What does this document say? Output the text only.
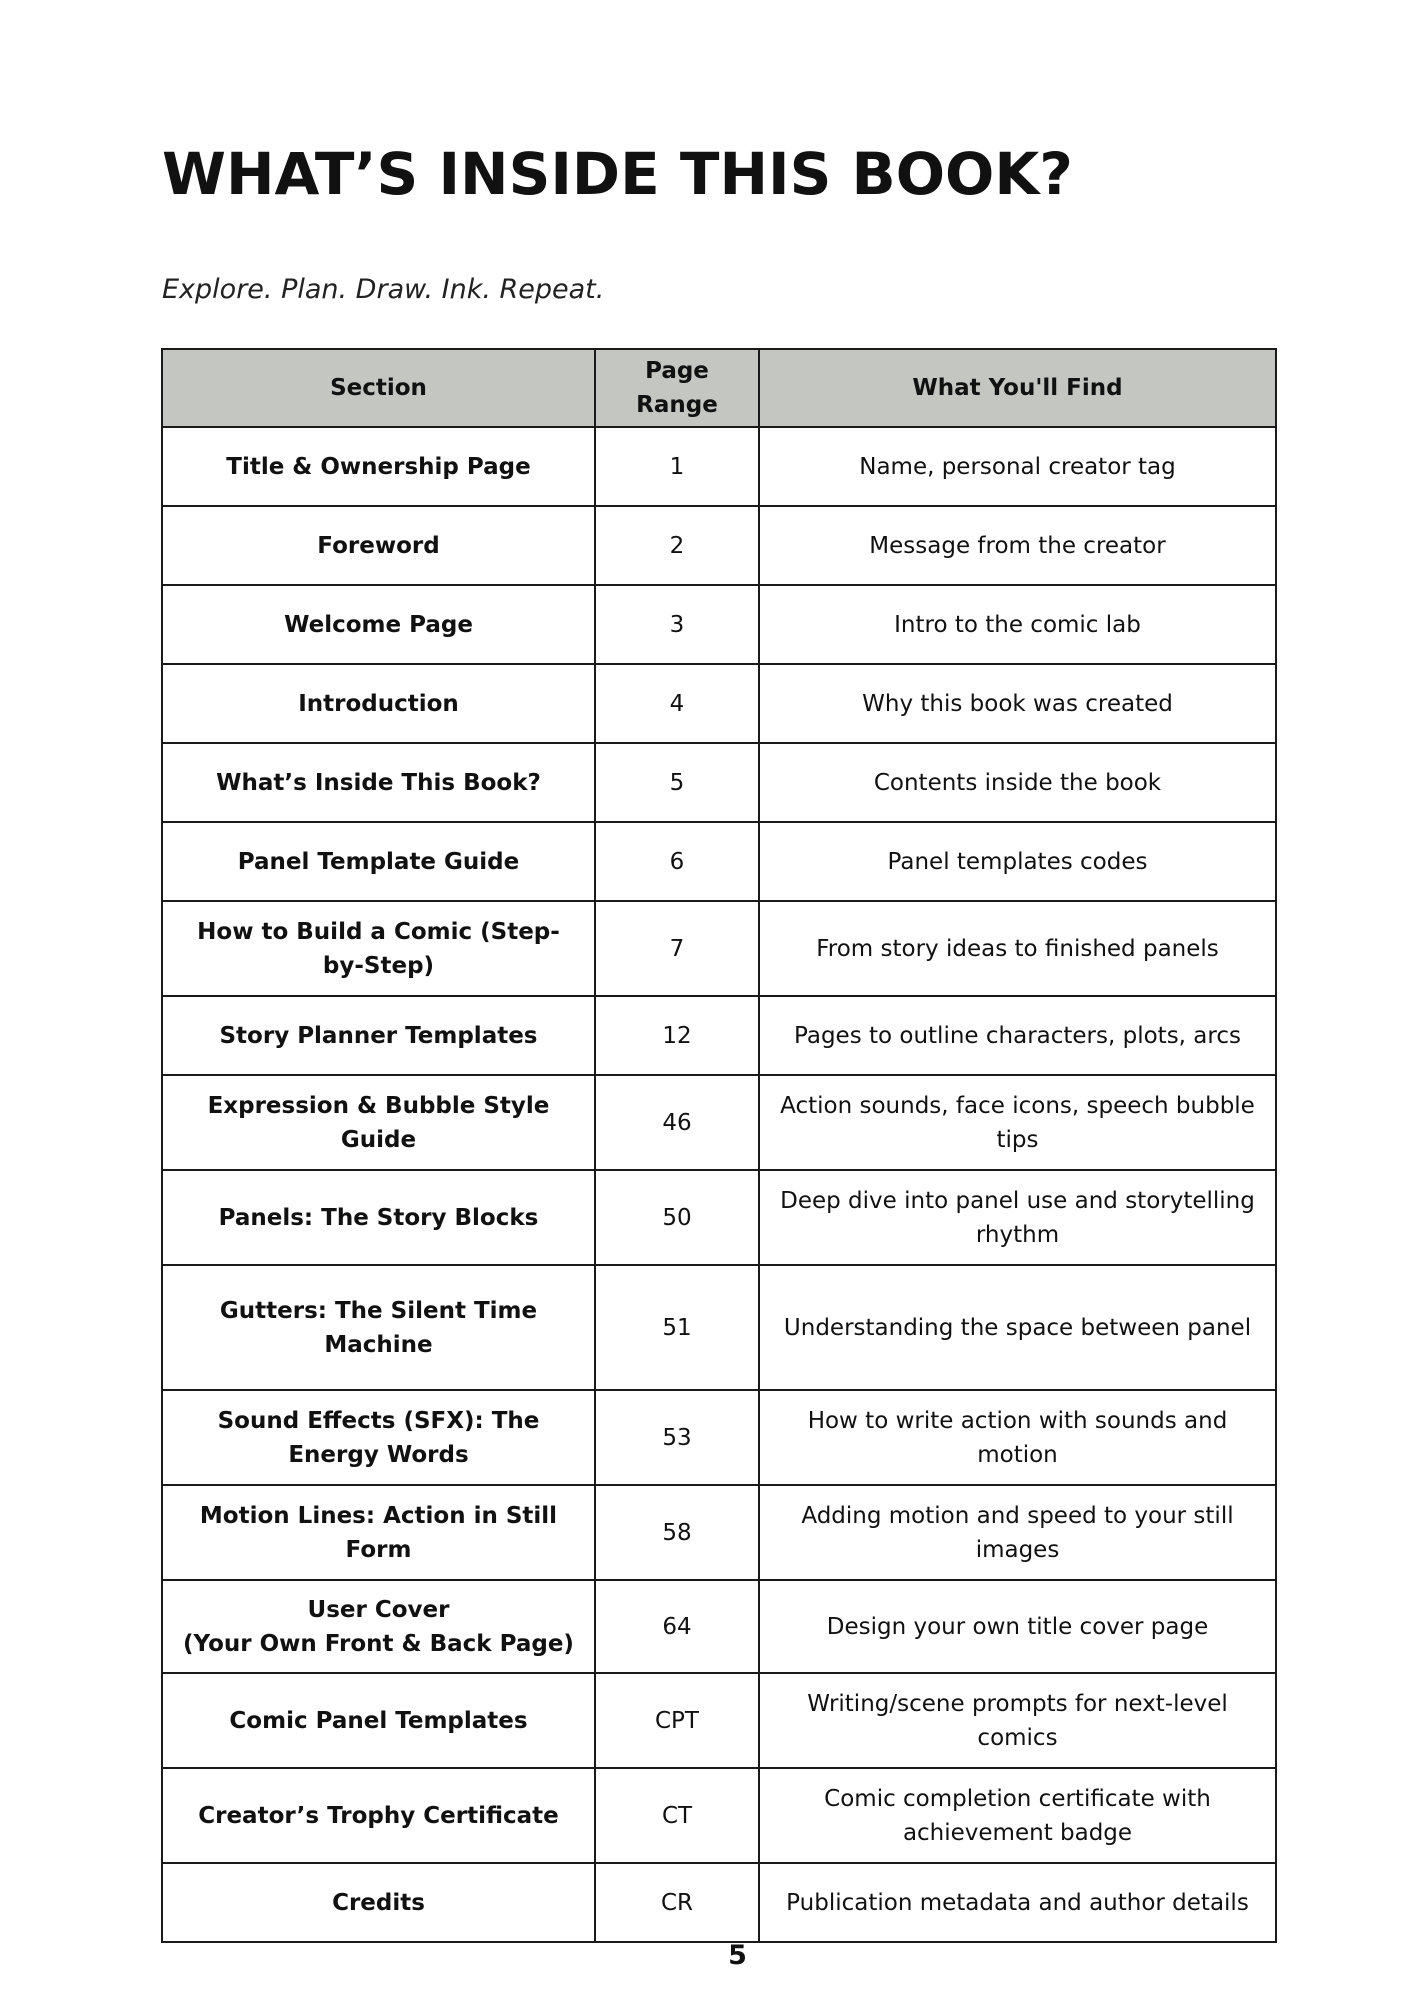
WHAT’S INSIDE THIS BOOK?

Explore. Plan. Draw. Ink. Repeat.

Section	Page Range	What You'll Find
Title & Ownership Page	1	Name, personal creator tag
Foreword	2	Message from the creator
Welcome Page	3	Intro to the comic lab
Introduction	4	Why this book was created
What’s Inside This Book?	5	Contents inside the book
Panel Template Guide	6	Panel templates codes
How to Build a Comic (Step-by-Step)	7	From story ideas to finished panels
Story Planner Templates	12	Pages to outline characters, plots, arcs
Expression & Bubble Style Guide	46	Action sounds, face icons, speech bubble tips
Panels: The Story Blocks	50	Deep dive into panel use and storytelling rhythm
Gutters: The Silent Time Machine	51	Understanding the space between panel
Sound Effects (SFX): The Energy Words	53	How to write action with sounds and motion
Motion Lines: Action in Still Form	58	Adding motion and speed to your still images
User Cover
(Your Own Front & Back Page)	64	Design your own title cover page
Comic Panel Templates	CPT	Writing/scene prompts for next-level comics
Creator’s Trophy Certificate	CT	Comic completion certificate with achievement badge
Credits	CR	Publication metadata and author details
5
